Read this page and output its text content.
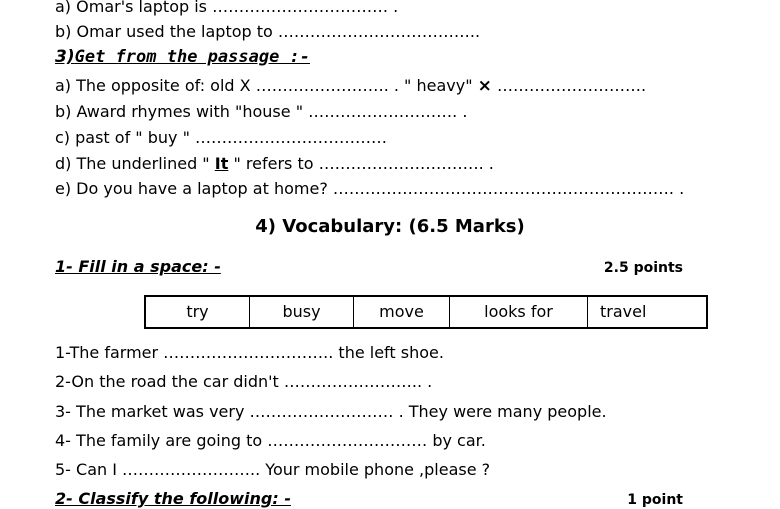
a) Omar's laptop is …………………………… .

b) Omar used the laptop to ………………………………..

3)Get from the passage :-

a) The opposite of: old X ……………………. . " heavy" × ……………………….

b) Award rhymes with "house " ………………………. .

c) past of " buy " ………………………………

d) The underlined " It " refers to …………………………. .

e) Do you have a laptop at home? ………………………………………………………. .

4) Vocabulary: (6.5 Marks)
1- Fill in a space: -	2.5 points
try	busy	move	looks for	travel

1-The farmer ………………………….. the left shoe.

2-On the road the car didn't …………………….. .

3- The market was very ……………………… . They were many people.

4- The family are going to ………………………… by car.

5- Can I …………………….. Your mobile phone ,please ?

2- Classify the following: -	1 point
